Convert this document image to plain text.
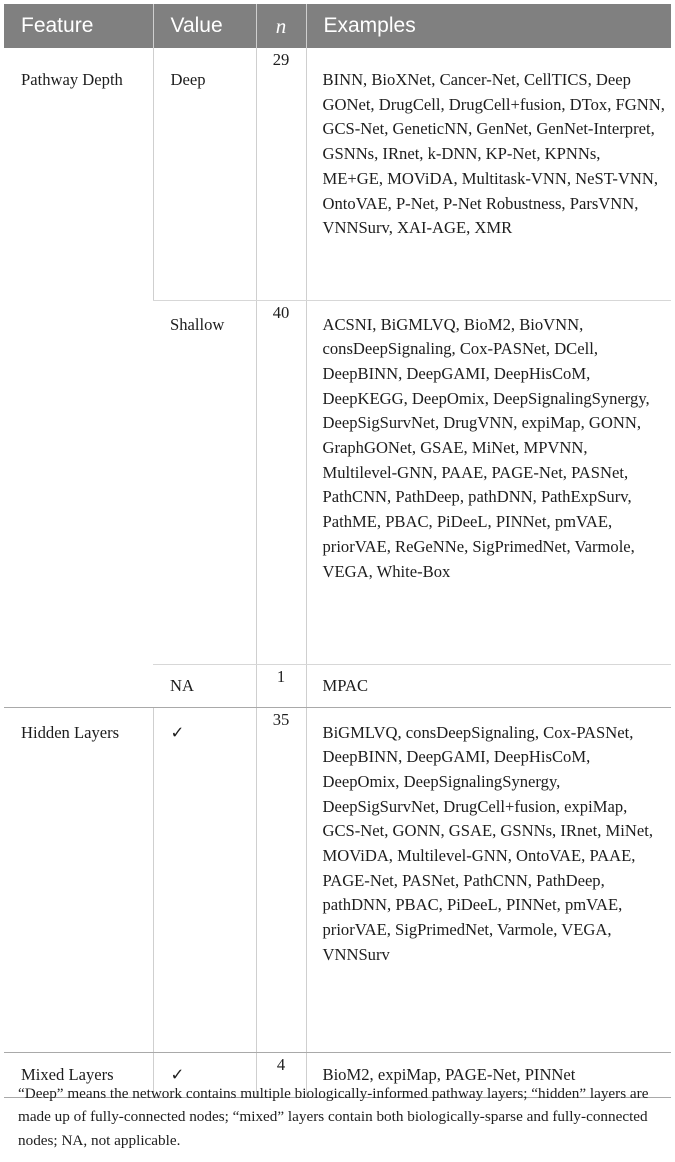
Feature	Value	n	Examples

Pathway Depth	Deep	29	BINN, BioXNet, Cancer-Net, CellTICS, Deep GONet, DrugCell, DrugCell+fusion, DTox, FGNN, GCS-Net, GeneticNN, GenNet, GenNet-Interpret, GSNNs, IRnet, k-DNN, KP-Net, KPNNs, ME+GE, MOViDA, Multitask-VNN, NeST-VNN, OntoVAE, P-Net, P-Net Robustness, ParsVNN, VNNSurv, XAI-AGE, XMR
	Shallow	40	ACSNI, BiGMLVQ, BioM2, BioVNN, consDeepSignaling, Cox-PASNet, DCell, DeepBINN, DeepGAMI, DeepHisCoM, DeepKEGG, DeepOmix, DeepSignalingSynergy, DeepSigSurvNet, DrugVNN, expiMap, GONN, GraphGONet, GSAE, MiNet, MPVNN, Multilevel-GNN, PAAE, PAGE-Net, PASNet, PathCNN, PathDeep, pathDNN, PathExpSurv, PathME, PBAC, PiDeeL, PINNet, pmVAE, priorVAE, ReGeNNe, SigPrimedNet, Varmole, VEGA, White-Box
	NA	1	MPAC

Hidden Layers	✓	35	BiGMLVQ, consDeepSignaling, Cox-PASNet, DeepBINN, DeepGAMI, DeepHisCoM, DeepOmix, DeepSignalingSynergy, DeepSigSurvNet, DrugCell+fusion, expiMap, GCS-Net, GONN, GSAE, GSNNs, IRnet, MiNet, MOViDA, Multilevel-GNN, OntoVAE, PAAE, PAGE-Net, PASNet, PathCNN, PathDeep, pathDNN, PBAC, PiDeeL, PINNet, pmVAE, priorVAE, SigPrimedNet, Varmole, VEGA, VNNSurv

Mixed Layers	✓	4	BioM2, expiMap, PAGE-Net, PINNet
“Deep” means the network contains multiple biologically-informed pathway layers; “hidden” layers are made up of fully-connected nodes; “mixed” layers contain both biologically-sparse and fully-connected nodes; NA, not applicable.
